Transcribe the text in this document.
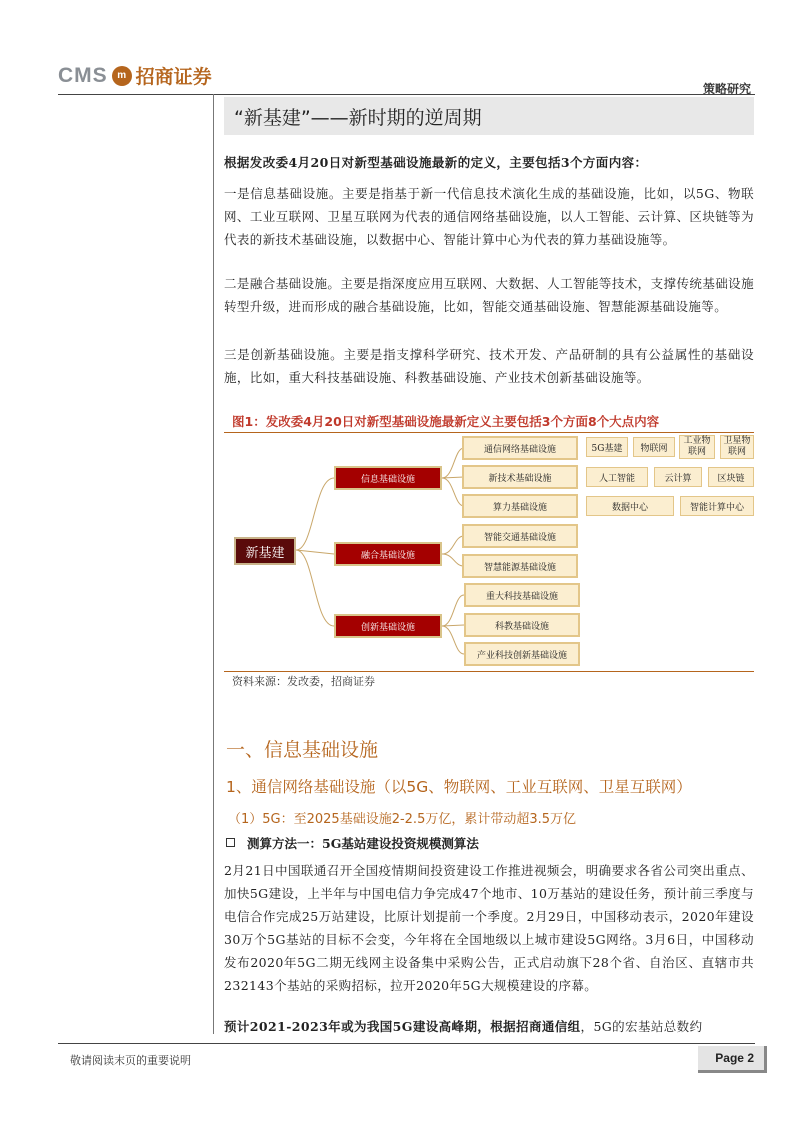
CMS m 招商证券
策略研究
“新基建”——新时期的逆周期
根据发改委4月20日对新型基础设施最新的定义，主要包括3个方面内容：
一是信息基础设施。主要是指基于新一代信息技术演化生成的基础设施，比如，以5G、物联网、工业互联网、卫星互联网为代表的通信网络基础设施，以人工智能、云计算、区块链等为代表的新技术基础设施，以数据中心、智能计算中心为代表的算力基础设施等。
二是融合基础设施。主要是指深度应用互联网、大数据、人工智能等技术，支撑传统基础设施转型升级，进而形成的融合基础设施，比如，智能交通基础设施、智慧能源基础设施等。
三是创新基础设施。主要是指支撑科学研究、技术开发、产品研制的具有公益属性的基础设施，比如，重大科技基础设施、科教基础设施、产业技术创新基础设施等。
图1：发改委4月20日对新型基础设施最新定义主要包括3个方面8个大点内容
新基建
信息基础设施
融合基础设施
创新基础设施
通信网络基础设施
新技术基础设施
算力基础设施
智能交通基础设施
智慧能源基础设施
重大科技基础设施
科教基础设施
产业科技创新基础设施
5G基建	物联网
工业物联网
卫星物联网
人工智能	云计算	区块链
数据中心	智能计算中心
资料来源：发改委，招商证券
一、信息基础设施
1、通信网络基础设施（以5G、物联网、工业互联网、卫星互联网）
（1）5G：至2025基础设施2-2.5万亿，累计带动超3.5万亿
测算方法一：5G基站建设投资规模测算法
2月21日中国联通召开全国疫情期间投资建设工作推进视频会，明确要求各省公司突出重点、加快5G建设，上半年与中国电信力争完成47个地市、10万基站的建设任务，预计前三季度与电信合作完成25万站建设，比原计划提前一个季度。2月29日，中国移动表示，2020年建设30万个5G基站的目标不会变，今年将在全国地级以上城市建设5G网络。3月6日，中国移动发布2020年5G二期无线网主设备集中采购公告，正式启动旗下28个省、自治区、直辖市共232143个基站的采购招标，拉开2020年5G大规模建设的序幕。
预计2021-2023年或为我国5G建设高峰期，根据招商通信组，5G的宏基站总数约
敬请阅读末页的重要说明	Page 2
